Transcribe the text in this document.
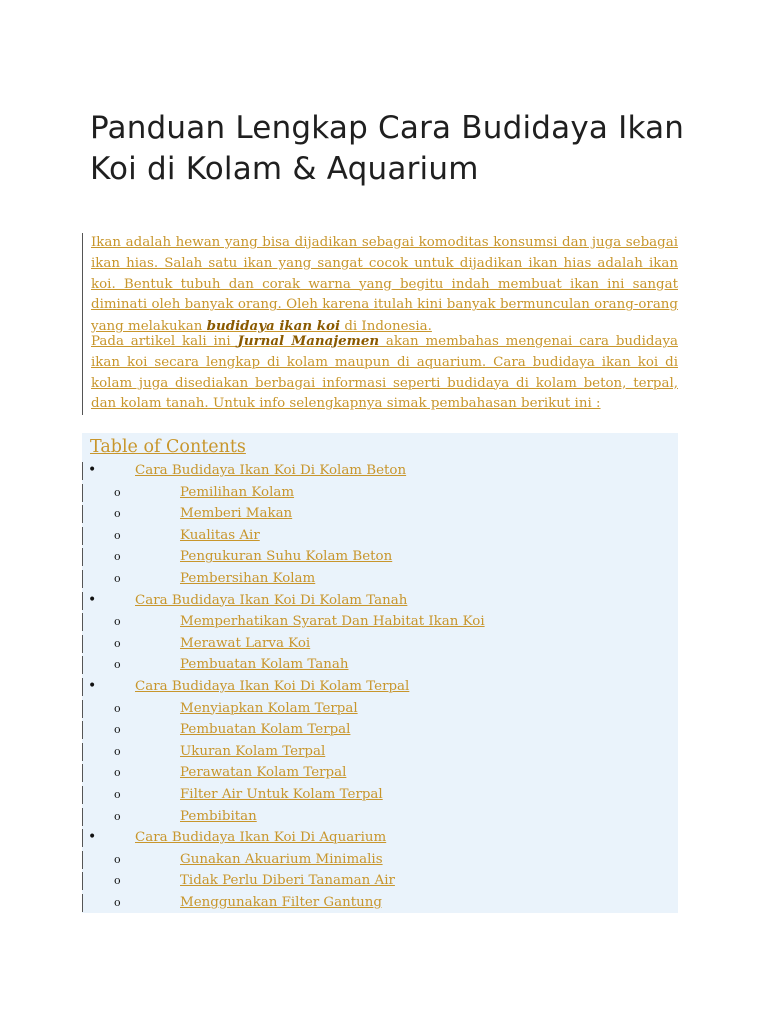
Panduan Lengkap Cara Budidaya Ikan Koi di Kolam & Aquarium
Ikan adalah hewan yang bisa dijadikan sebagai komoditas konsumsi dan juga sebagai ikan hias. Salah satu ikan yang sangat cocok untuk dijadikan ikan hias adalah ikan koi. Bentuk tubuh dan corak warna yang begitu indah membuat ikan ini sangat diminati oleh banyak orang. Oleh karena itulah kini banyak bermunculan orang-orang yang melakukan budidaya ikan koi di Indonesia.
Pada artikel kali ini Jurnal Manajemen akan membahas mengenai cara budidaya ikan koi secara lengkap di kolam maupun di aquarium. Cara budidaya ikan koi di kolam juga disediakan berbagai informasi seperti budidaya di kolam beton, terpal, dan kolam tanah. Untuk info selengkapnya simak pembahasan berikut ini :
Table of Contents
•	Cara Budidaya Ikan Koi Di Kolam Beton
o	Pemilihan Kolam
o	Memberi Makan
o	Kualitas Air
o	Pengukuran Suhu Kolam Beton
o	Pembersihan Kolam
•	Cara Budidaya Ikan Koi Di Kolam Tanah
o	Memperhatikan Syarat Dan Habitat Ikan Koi
o	Merawat Larva Koi
o	Pembuatan Kolam Tanah
•	Cara Budidaya Ikan Koi Di Kolam Terpal
o	Menyiapkan Kolam Terpal
o	Pembuatan Kolam Terpal
o	Ukuran Kolam Terpal
o	Perawatan Kolam Terpal
o	Filter Air Untuk Kolam Terpal
o	Pembibitan
•	Cara Budidaya Ikan Koi Di Aquarium
o	Gunakan Akuarium Minimalis
o	Tidak Perlu Diberi Tanaman Air
o	Menggunakan Filter Gantung
